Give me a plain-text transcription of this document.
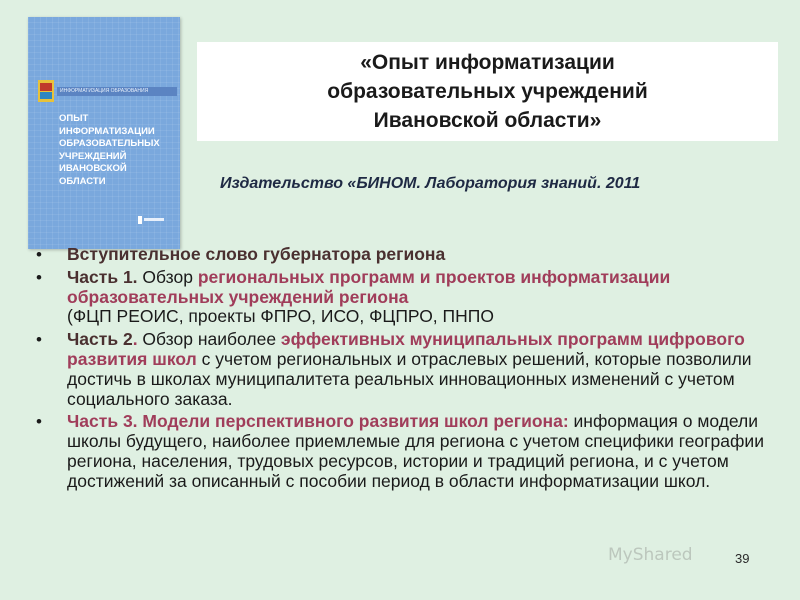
ИНФОРМАТИЗАЦИЯ ОБРАЗОВАНИЯ
ОПЫТ
ИНФОРМАТИЗАЦИИ
ОБРАЗОВАТЕЛЬНЫХ
УЧРЕЖДЕНИЙ
ИВАНОВСКОЙ
ОБЛАСТИ
«Опыт информатизации
образовательных учреждений
Ивановской области»
Издательство «БИНОМ. Лаборатория знаний. 2011
• Вступительное слово губернатора региона
• Часть 1. Обзор региональных программ и проектов информатизации образовательных учреждений региона
(ФЦП РЕОИС, проекты ФПРО, ИСО, ФЦПРО, ПНПО
• Часть 2. Обзор наиболее эффективных муниципальных программ цифрового развития школ с учетом региональных и отраслевых решений, которые позволили достичь в школах муниципалитета реальных инновационных изменений с учетом социального заказа.
• Часть 3. Модели перспективного развития школ региона: информация о модели школы будущего, наиболее приемлемые для региона с учетом специфики географии региона, населения, трудовых ресурсов, истории и традиций региона, и с учетом достижений за описанный с пособии период в области информатизации школ.
MyShared	39
